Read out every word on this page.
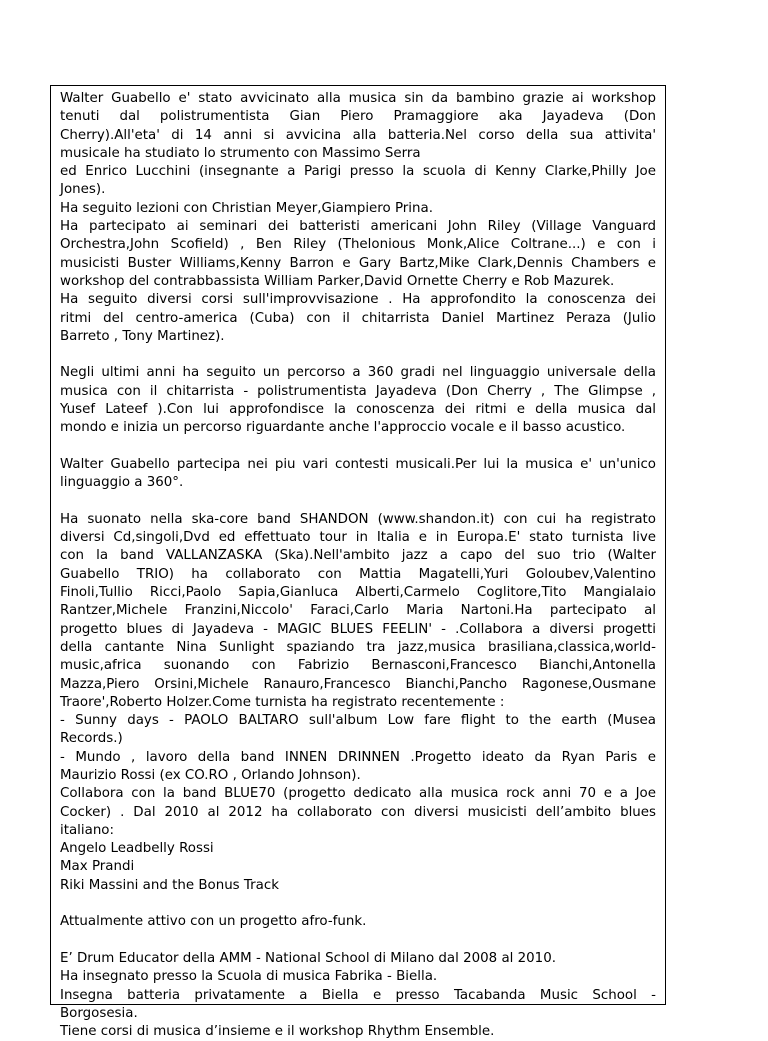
Walter Guabello e' stato avvicinato alla musica sin da bambino grazie ai workshop
tenuti dal polistrumentista Gian Piero Pramaggiore aka Jayadeva (Don
Cherry).All'eta' di 14 anni si avvicina alla batteria.Nel corso della sua attivita'
musicale ha studiato lo strumento con Massimo Serra
ed Enrico Lucchini (insegnante a Parigi presso la scuola di Kenny Clarke,Philly Joe
Jones).
Ha seguito lezioni con Christian Meyer,Giampiero Prina.
Ha partecipato ai seminari dei batteristi americani John Riley (Village Vanguard
Orchestra,John Scofield) , Ben Riley (Thelonious Monk,Alice Coltrane...) e con i
musicisti Buster Williams,Kenny Barron e Gary Bartz,Mike Clark,Dennis Chambers e
workshop del contrabbassista William Parker,David Ornette Cherry e Rob Mazurek.
Ha seguito diversi corsi sull'improvvisazione . Ha approfondito la conoscenza dei
ritmi del centro-america (Cuba) con il chitarrista Daniel Martinez Peraza (Julio
Barreto , Tony Martinez).
Negli ultimi anni ha seguito un percorso a 360 gradi nel linguaggio universale della
musica con il chitarrista - polistrumentista Jayadeva (Don Cherry , The Glimpse ,
Yusef Lateef ).Con lui approfondisce la conoscenza dei ritmi e della musica dal
mondo e inizia un percorso riguardante anche l'approccio vocale e il basso acustico.
Walter Guabello partecipa nei piu vari contesti musicali.Per lui la musica e' un'unico
linguaggio a 360°.
Ha suonato nella ska-core band SHANDON (www.shandon.it) con cui ha registrato
diversi Cd,singoli,Dvd ed effettuato tour in Italia e in Europa.E' stato turnista live
con la band VALLANZASKA (Ska).Nell'ambito jazz a capo del suo trio (Walter
Guabello TRIO) ha collaborato con Mattia Magatelli,Yuri Goloubev,Valentino
Finoli,Tullio Ricci,Paolo Sapia,Gianluca Alberti,Carmelo Coglitore,Tito Mangialaio
Rantzer,Michele Franzini,Niccolo' Faraci,Carlo Maria Nartoni.Ha partecipato al
progetto blues di Jayadeva - MAGIC BLUES FEELIN' - .Collabora a diversi progetti
della cantante Nina Sunlight spaziando tra jazz,musica brasiliana,classica,world-
music,africa suonando con Fabrizio Bernasconi,Francesco Bianchi,Antonella
Mazza,Piero Orsini,Michele Ranauro,Francesco Bianchi,Pancho Ragonese,Ousmane
Traore',Roberto Holzer.Come turnista ha registrato recentemente :
- Sunny days - PAOLO BALTARO sull'album Low fare flight to the earth (Musea
Records.)
- Mundo , lavoro della band INNEN DRINNEN .Progetto ideato da Ryan Paris e
Maurizio Rossi (ex CO.RO , Orlando Johnson).
Collabora con la band BLUE70 (progetto dedicato alla musica rock anni 70 e a Joe
Cocker) . Dal 2010 al 2012 ha collaborato con diversi musicisti dell’ambito blues
italiano:
Angelo Leadbelly Rossi
Max Prandi
Riki Massini and the Bonus Track
Attualmente attivo con un progetto afro-funk.
E’ Drum Educator della AMM - National School di Milano dal 2008 al 2010.
Ha insegnato presso la Scuola di musica Fabrika - Biella.
Insegna batteria privatamente a Biella e presso Tacabanda Music School -
Borgosesia.
Tiene corsi di musica d’insieme e il workshop Rhythm Ensemble.
